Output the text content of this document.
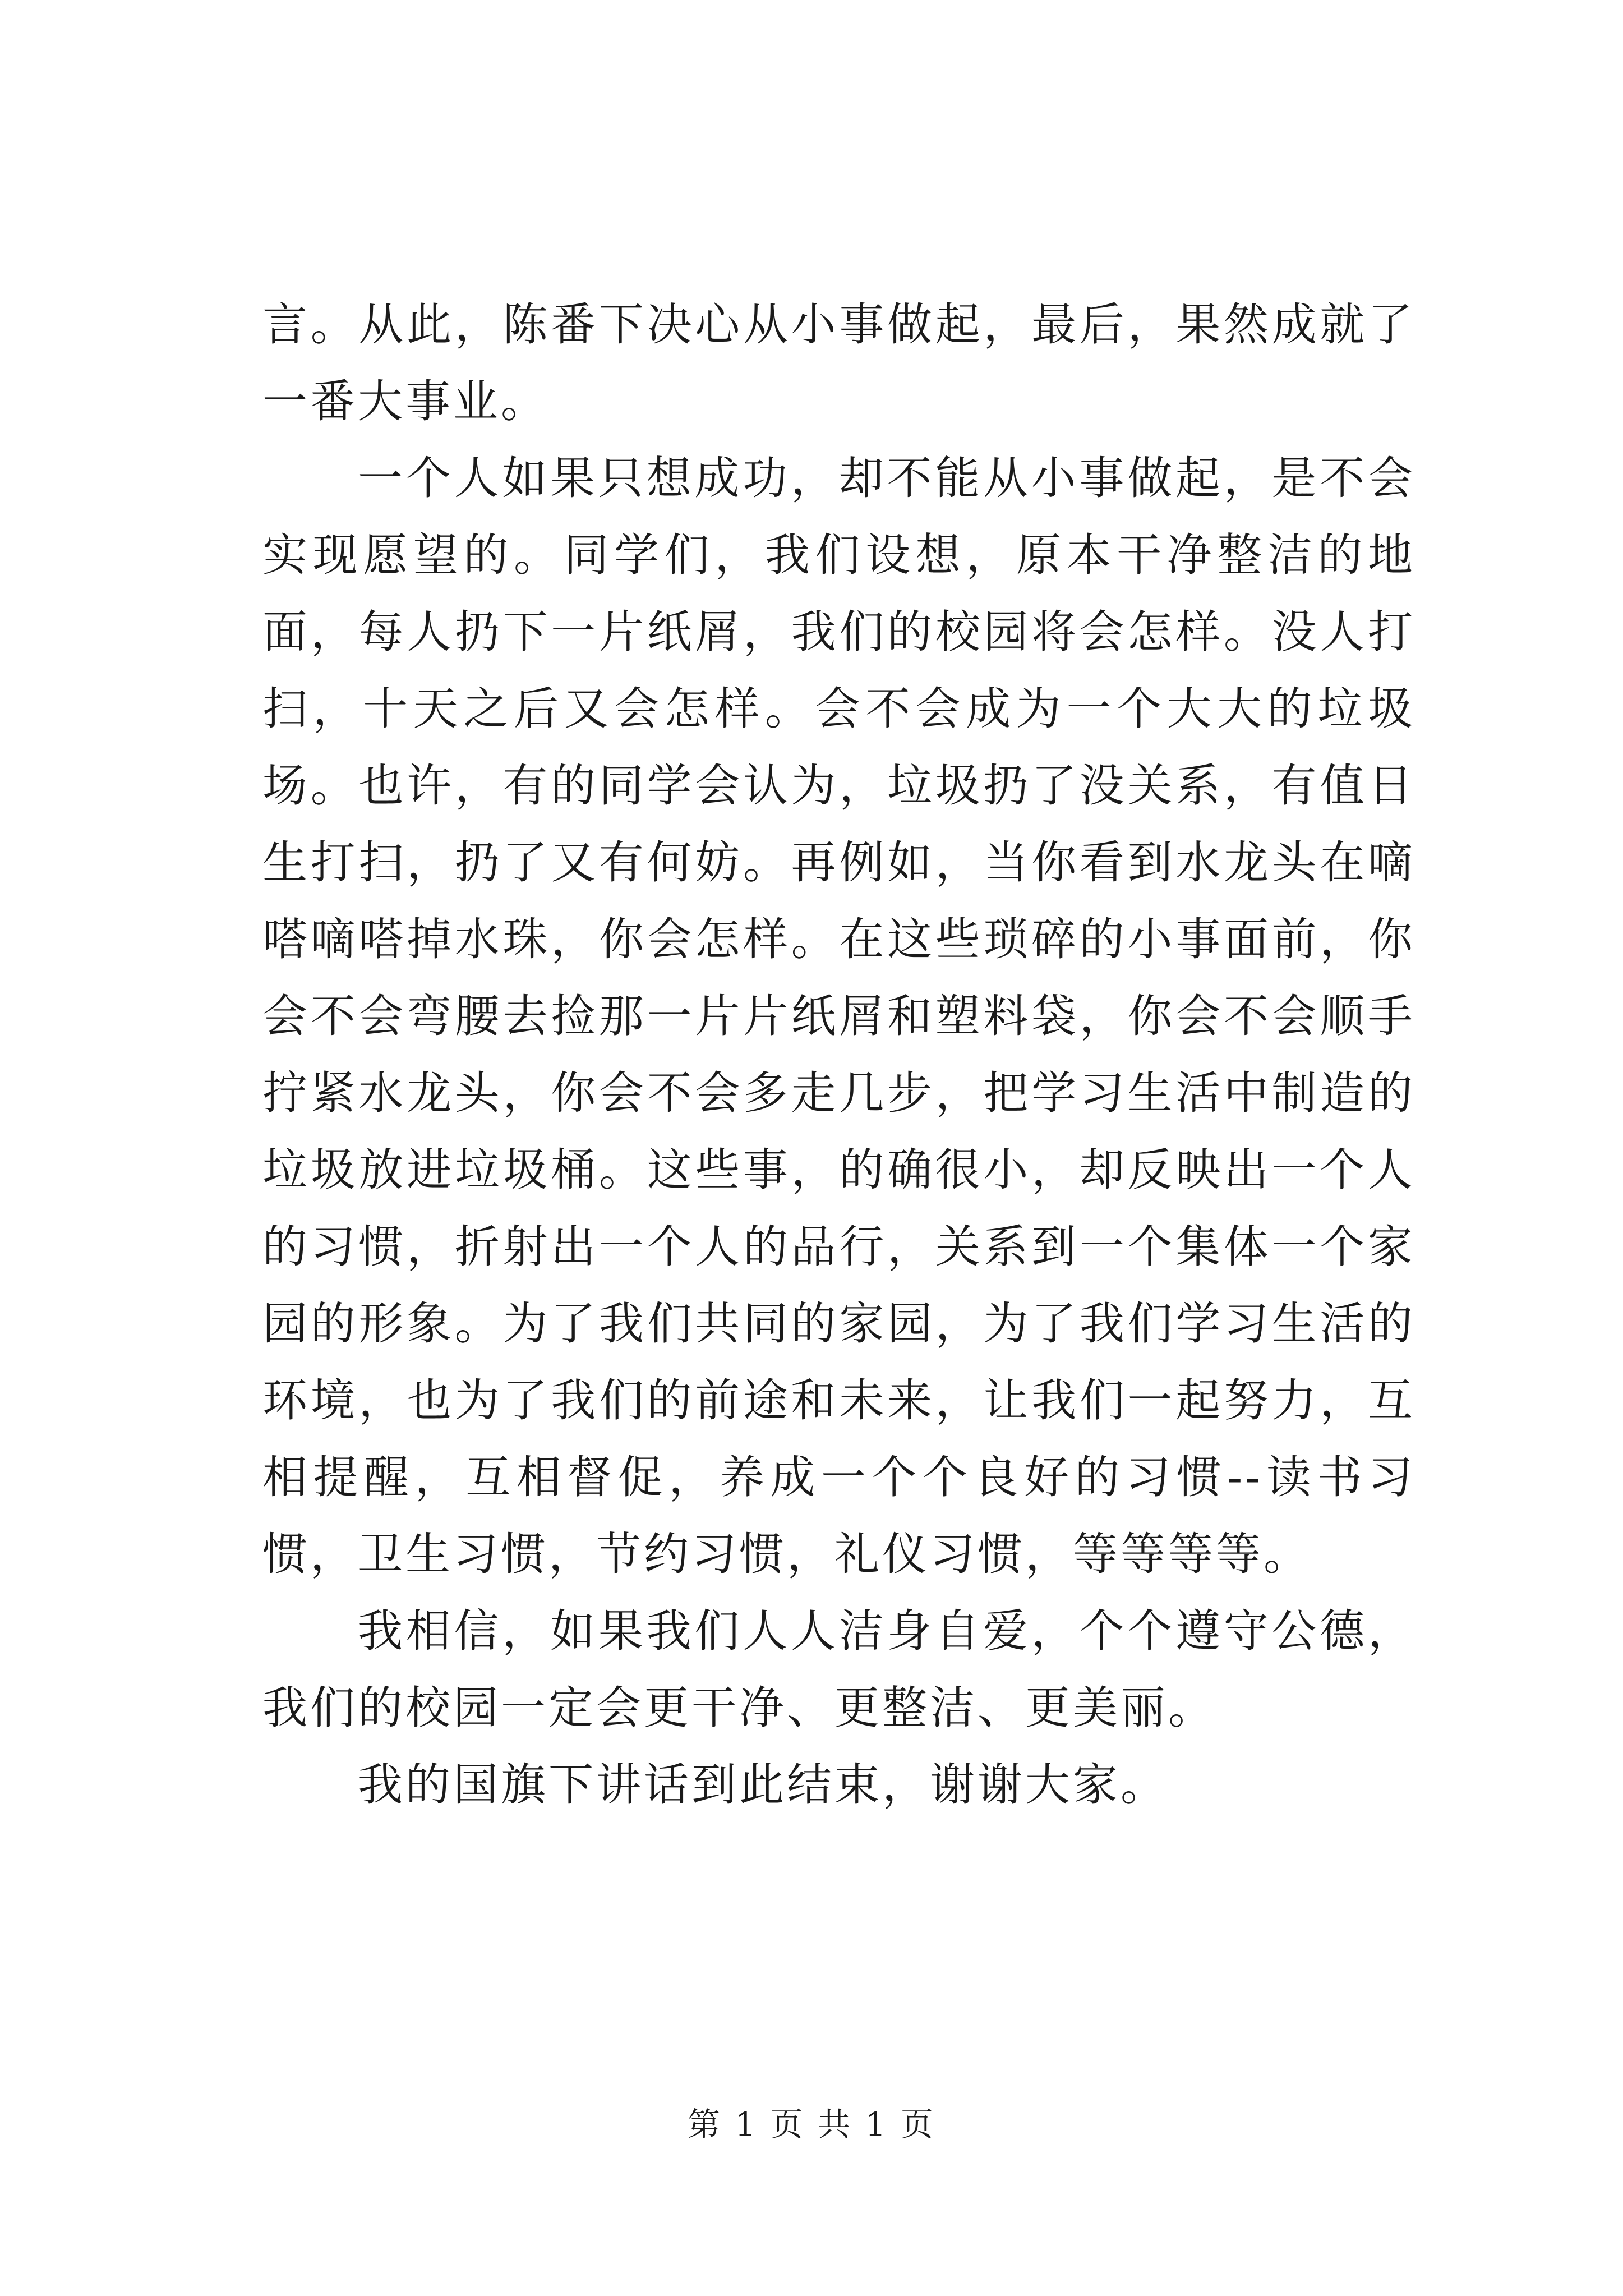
言。从此，陈番下决心从小事做起，最后，果然成就了一番大事业。

一个人如果只想成功，却不能从小事做起，是不会实现愿望的。同学们，我们设想，原本干净整洁的地面，每人扔下一片纸屑，我们的校园将会怎样。没人打扫，十天之后又会怎样。会不会成为一个大大的垃圾场。也许，有的同学会认为，垃圾扔了没关系，有值日生打扫，扔了又有何妨。再例如，当你看到水龙头在嘀嗒嘀嗒掉水珠，你会怎样。在这些琐碎的小事面前，你会不会弯腰去捡那一片片纸屑和塑料袋，你会不会顺手拧紧水龙头，你会不会多走几步，把学习生活中制造的垃圾放进垃圾桶。这些事，的确很小，却反映出一个人的习惯，折射出一个人的品行，关系到一个集体一个家园的形象。为了我们共同的家园，为了我们学习生活的环境，也为了我们的前途和未来，让我们一起努力，互相提醒，互相督促，养成一个个良好的习惯--读书习惯，卫生习惯，节约习惯，礼仪习惯，等等等等。

我相信，如果我们人人洁身自爱，个个遵守公德，我们的校园一定会更干净、更整洁、更美丽。

我的国旗下讲话到此结束，谢谢大家。

第 1 页 共 1 页
